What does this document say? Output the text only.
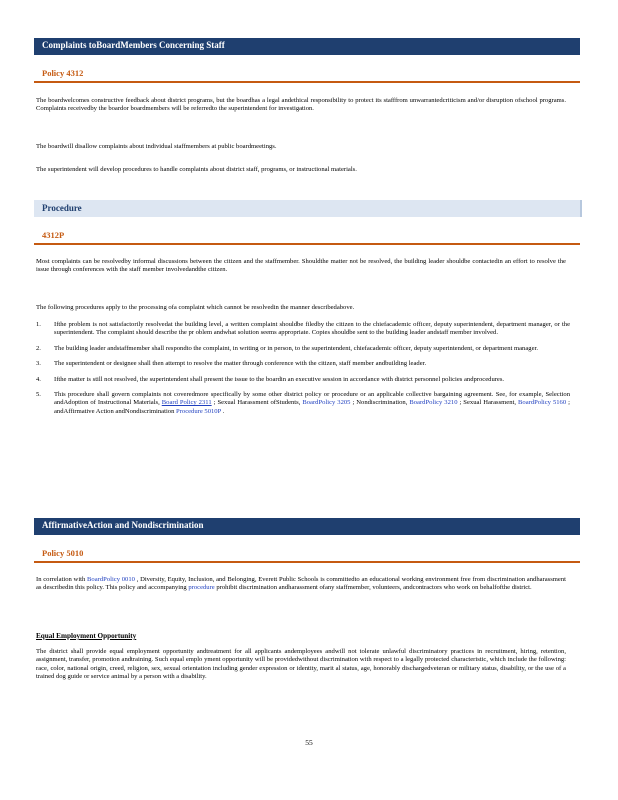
Complaints toBoardMembers Concerning Staff
Policy 4312
The boardwelcomes constructive feedback about district programs, but the boardhas a legal andethical responsibility to protect its stafffrom unwarrantedcriticism and/or disruption ofschool programs. Complaints receivedby the boardor boardmembers will be referredto the superintendent for investigation.
The boardwill disallow complaints about individual staffmembers at public boardmeetings.
The superintendent will develop procedures to handle complaints about district staff, programs, or instructional materials.
Procedure
4312P
Most complaints can be resolvedby informal discussions between the citizen and the staffmember. Shouldthe matter not be resolved, the building leader shouldbe contactedin an effort to resolve the issue through conferences with the staff member involvedandthe citizen.
The following procedures apply to the processing ofa complaint which cannot be resolvedin the manner describedabove.
1. Ifthe problem is not satisfactorily resolvedat the building level, a written complaint shouldbe filedby the citizen to the chiefacademic officer, deputy superintendent, department manager, or the superintendent. The complaint should describe the pr oblem andwhat solution seems appropriate. Copies shouldbe sent to the building leader andstaff member involved.
2. The building leader andstaffmember shall respondto the complaint, in writing or in person, to the superintendent, chiefacademic officer, deputy superintendent, or department manager.
3. The superintendent or designee shall then attempt to resolve the matter through conference with the citizen, staff member andbuilding leader.
4. Ifthe matter is still not resolved, the superintendent shall present the issue to the boardin an executive session in accordance with district personnel policies andprocedures.
5. This procedure shall govern complaints not coveredmore specifically by some other district policy or procedure or an applicable collective bargaining agreement. See, for example, Selection andAdoption of Instructional Materials, Board Policy 2311 ; Sexual Harassment ofStudents, BoardPolicy 3205 ; Nondiscrimination, BoardPolicy 3210 ; Sexual Harassment, BoardPolicy 5160 ; andAffirmative Action andNondiscrimination Procedure 5010P .
AffirmativeAction and Nondiscrimination
Policy 5010
In correlation with BoardPolicy 0010 , Diversity, Equity, Inclusion, and Belonging, Everett Public Schools is committedto an educational working environment free from discrimination andharassment as describedin this policy. This policy and accompanying procedure prohibit discrimination andharassment ofany staffmember, volunteers, andcontractors who work on behalfofthe district.
Equal Employment Opportunity
The district shall provide equal employment opportunity andtreatment for all applicants andemployees andwill not tolerate unlawful discriminatory practices in recruitment, hiring, retention, assignment, transfer, promotion andtraining. Such equal emplo yment opportunity will be providedwithout discrimination with respect to a legally protected characteristic, which include the following: race, color, national origin, creed, religion, sex, sexual orientation including gender expression or identity, marit al status, age, honorably dischargedveteran or military status, disability, or the use of a trained dog guide or service animal by a person with a disability.
55
